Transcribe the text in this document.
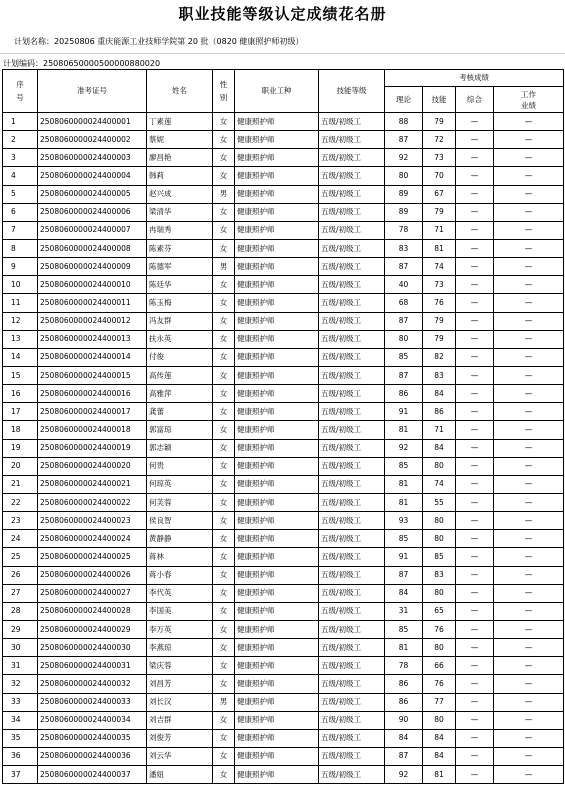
职业技能等级认定成绩花名册
计划名称：20250806 重庆能源工业技师学院第 20 批（0820 健康照护师初级）
计划编码：25080650000500000880020
序号	准考证号	姓名	性别	职业工种	技能等级	考核成绩			
						理论	技能	综合	工作业绩
1	2508060000024400001	丁素莲	女	健康照护师	五级/初级工	88	79	—	—
2	2508060000024400002	蔡妮	女	健康照护师	五级/初级工	87	72	—	—
3	2508060000024400003	廖昌艳	女	健康照护师	五级/初级工	92	73	—	—
4	2508060000024400004	韩莉	女	健康照护师	五级/初级工	80	70	—	—
5	2508060000024400005	赵兴成	男	健康照护师	五级/初级工	89	67	—	—
6	2508060000024400006	梁清华	女	健康照护师	五级/初级工	89	79	—	—
7	2508060000024400007	冉瑞秀	女	健康照护师	五级/初级工	78	71	—	—
8	2508060000024400008	陈素芬	女	健康照护师	五级/初级工	83	81	—	—
9	2508060000024400009	陈德军	男	健康照护师	五级/初级工	87	74	—	—
10	2508060000024400010	陈廷华	女	健康照护师	五级/初级工	40	73	—	—
11	2508060000024400011	陈玉梅	女	健康照护师	五级/初级工	68	76	—	—
12	2508060000024400012	冯友群	女	健康照护师	五级/初级工	87	79	—	—
13	2508060000024400013	扶永英	女	健康照护师	五级/初级工	80	79	—	—
14	2508060000024400014	付俊	女	健康照护师	五级/初级工	85	82	—	—
15	2508060000024400015	高传莲	女	健康照护师	五级/初级工	87	83	—	—
16	2508060000024400016	高雅萍	女	健康照护师	五级/初级工	86	84	—	—
17	2508060000024400017	龚蕾	女	健康照护师	五级/初级工	91	86	—	—
18	2508060000024400018	郭富琼	女	健康照护师	五级/初级工	81	71	—	—
19	2508060000024400019	郭志颖	女	健康照护师	五级/初级工	92	84	—	—
20	2508060000024400020	何贵	女	健康照护师	五级/初级工	85	80	—	—
21	2508060000024400021	何琼英	女	健康照护师	五级/初级工	81	74	—	—
22	2508060000024400022	何芙蓉	女	健康照护师	五级/初级工	81	55	—	—
23	2508060000024400023	侯良智	女	健康照护师	五级/初级工	93	80	—	—
24	2508060000024400024	黄静静	女	健康照护师	五级/初级工	85	80	—	—
25	2508060000024400025	蒋林	女	健康照护师	五级/初级工	91	85	—	—
26	2508060000024400026	蒋小春	女	健康照护师	五级/初级工	87	83	—	—
27	2508060000024400027	李代英	女	健康照护师	五级/初级工	84	80	—	—
28	2508060000024400028	李国美	女	健康照护师	五级/初级工	31	65	—	—
29	2508060000024400029	李万英	女	健康照护师	五级/初级工	85	76	—	—
30	2508060000024400030	李燕琼	女	健康照护师	五级/初级工	81	80	—	—
31	2508060000024400031	梁庆蓉	女	健康照护师	五级/初级工	78	66	—	—
32	2508060000024400032	刘昌芳	女	健康照护师	五级/初级工	86	76	—	—
33	2508060000024400033	刘长汉	男	健康照护师	五级/初级工	86	77	—	—
34	2508060000024400034	刘吉群	女	健康照护师	五级/初级工	90	80	—	—
35	2508060000024400035	刘俊芳	女	健康照护师	五级/初级工	84	84	—	—
36	2508060000024400036	刘云华	女	健康照护师	五级/初级工	87	84	—	—
37	2508060000024400037	潘妞	女	健康照护师	五级/初级工	92	81	—	—
